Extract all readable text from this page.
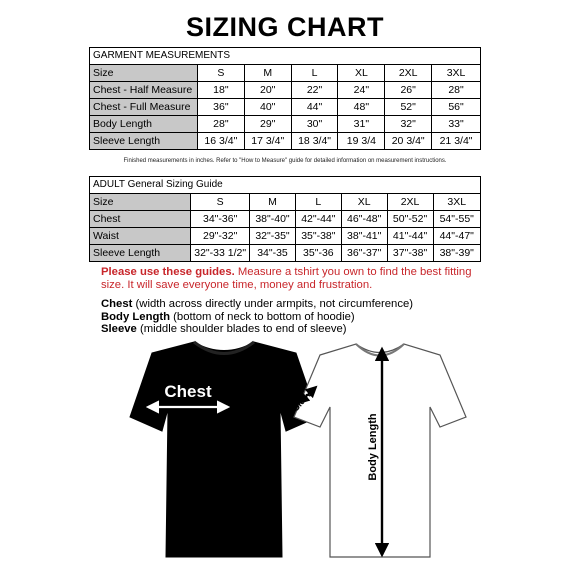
SIZING CHART
GARMENT MEASUREMENTS						
Size	S	M	L	XL	2XL	3XL
Chest - Half Measure	18"	20"	22"	24"	26"	28"
Chest - Full Measure	36"	40"	44"	48"	52"	56"
Body Length	28"	29"	30"	31"	32"	33"
Sleeve Length	16 3/4"	17 3/4"	18 3/4"	19 3/4	20 3/4"	21 3/4"
Finished measurements in inches. Refer to "How to Measure" guide for detailed information on measurement instructions.
ADULT General Sizing Guide						
Size	S	M	L	XL	2XL	3XL
Chest	34"-36"	38"-40"	42"-44"	46"-48"	50"-52"	54"-55"
Waist	29"-32"	32"-35"	35"-38"	38"-41"	41"-44"	44"-47"
Sleeve Length	32"-33 1/2"	34"-35	35"-36	36"-37"	37"-38"	38"-39"
Please use these guides. Measure a tshirt you own to find the best fitting size. It will save everyone time, money and frustration.
Chest (width across directly under armpits, not circumference)
Body Length (bottom of neck to bottom of hoodie)
Sleeve (middle shoulder blades to end of sleeve)
Chest	Sleeve
Body Length
